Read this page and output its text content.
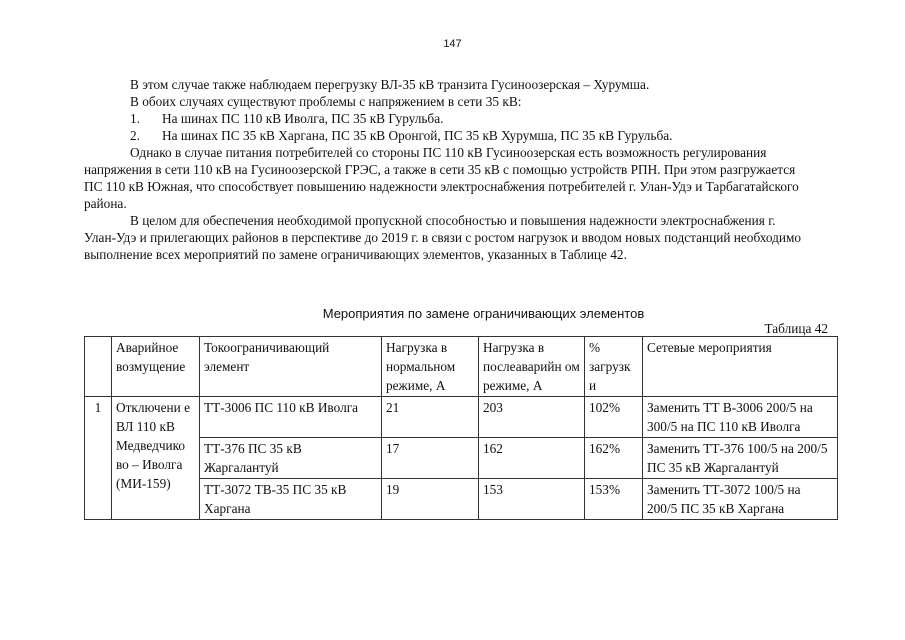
147

В этом случае также наблюдаем перегрузку ВЛ-35 кВ транзита Гусиноозерская – Хурумша.

В обоих случаях существуют проблемы с напряжением в сети 35 кВ:

1. На шинах ПС 110 кВ Иволга, ПС 35 кВ Гурульба.

2. На шинах ПС 35 кВ Харгана, ПС 35 кВ Оронгой, ПС 35 кВ Хурумша, ПС 35 кВ Гурульба.

Однако в случае питания потребителей со стороны ПС 110 кВ Гусиноозерская есть возможность регулирования напряжения в сети 110 кВ на Гусиноозерской ГРЭС, а также в сети 35 кВ с помощью устройств РПН. При этом разгружается ПС 110 кВ Южная, что способствует повышению надежности электроснабжения потребителей г. Улан-Удэ и Тарбагатайского района.

В целом для обеспечения необходимой пропускной способностью и повышения надежности электроснабжения г. Улан-Удэ и прилегающих районов в перспективе до 2019 г. в связи с ростом нагрузок и вводом новых подстанций необходимо выполнение всех мероприятий по замене ограничивающих элементов, указанных в Таблице 42.

Мероприятия по замене ограничивающих элементов
Таблица 42
	Аварийное возмущение	Токоограничивающий элемент	Нагрузка в нормальном режиме, А	Нагрузка в послеаварийн ом режиме, А	% загрузк и	Сетевые мероприятия
1	Отключени е ВЛ 110 кВ Медведчико во – Иволга (МИ-159)	ТТ-3006 ПС 110 кВ Иволга	21	203	102%	Заменить ТТ В-3006 200/5 на 300/5 на ПС 110 кВ Иволга
		ТТ-376 ПС 35 кВ Жаргалантуй	17	162	162%	Заменить ТТ-376 100/5 на 200/5 ПС 35 кВ Жаргалантуй
		ТТ-3072 ТВ-35 ПС 35 кВ Харгана	19	153	153%	Заменить ТТ-3072 100/5 на 200/5 ПС 35 кВ Харгана
